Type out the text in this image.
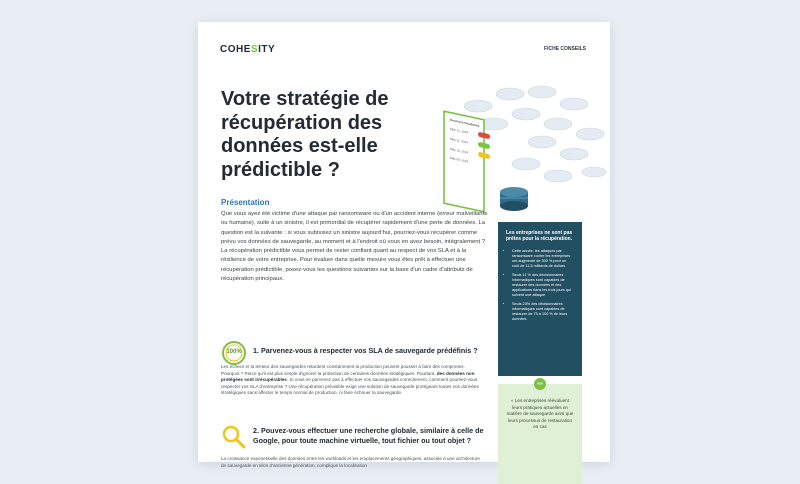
COHESITY	FICHE CONSEILS
Votre stratégie de récupération des données est-elle prédictible ?
Recovery Readiness
May 12, 2024
May 11, 2024
May 10, 2024
May 09, 2024
Présentation
Que vous ayez été victime d'une attaque par ransomware ou d'un accident interne (erreur malveillante ou humaine), suite à un sinistre, il est primordial de récupérer rapidement d'une perte de données. La question est la suivante : si vous subissiez un sinistre aujourd'hui, pourriez-vous récupérer comme prévu vos données de sauvegarde, au moment et à l'endroit où vous en avez besoin, intégralement ? La récupération prédictible vous permet de rester confiant quant au respect de vos SLA et à la résilience de votre entreprise. Pour évaluer dans quelle mesure vous êtes prêt à effectuer une récupération prédictible, posez-vous les questions suivantes sur la base d'un cadre d'attributs de récupération principaux.
100%	1. Parvenez-vous à respecter vos SLA de sauvegarde prédéfinis ?

Les échecs et la lenteur des sauvegardes retardent constamment la production peuvent pousser à faire des compromis. Pourquoi ? Parce qu'il est plus simple d'ignorer la protection de certaines données stratégiques. Pourtant, des données non protégées sont irrécupérables. Si vous ne parvenez pas à effectuer vos sauvegardes correctement, comment pourriez-vous respecter vos SLA d'entreprise ? Une récupération prévisible exige une solution de sauvegarde protégeant toutes vos données stratégiques sans affecter le temps normal de production, ni faire échouer la sauvegarde.

2. Pouvez-vous effectuer une recherche globale, similaire à celle de Google, pour toute machine virtuelle, tout fichier ou tout objet ?

La croissance exponentielle des données entre les workloads et les emplacements géographiques, associée à une architecture de sauvegarde en silos d'ancienne génération, complique la localisation

Les entreprises ne sont pas prêtes pour la récupération.
• Cette année, les attaques par ransomware contre les entreprises ont augmenté de 300 % pour un coût de 11,5 milliards de dollars
• Seuls 11 % des décisionnaires informatiques sont capables de restaurer des données et des applications dans les trois jours qui suivent une attaque
• Seuls 23% des décisionnaires informatiques sont capables de restaurer de 75 à 100 % de leurs données
«»

« Les entreprises réévaluent leurs pratiques actuelles en matière de sauvegarde ainsi que leurs processus de restauration en cas
